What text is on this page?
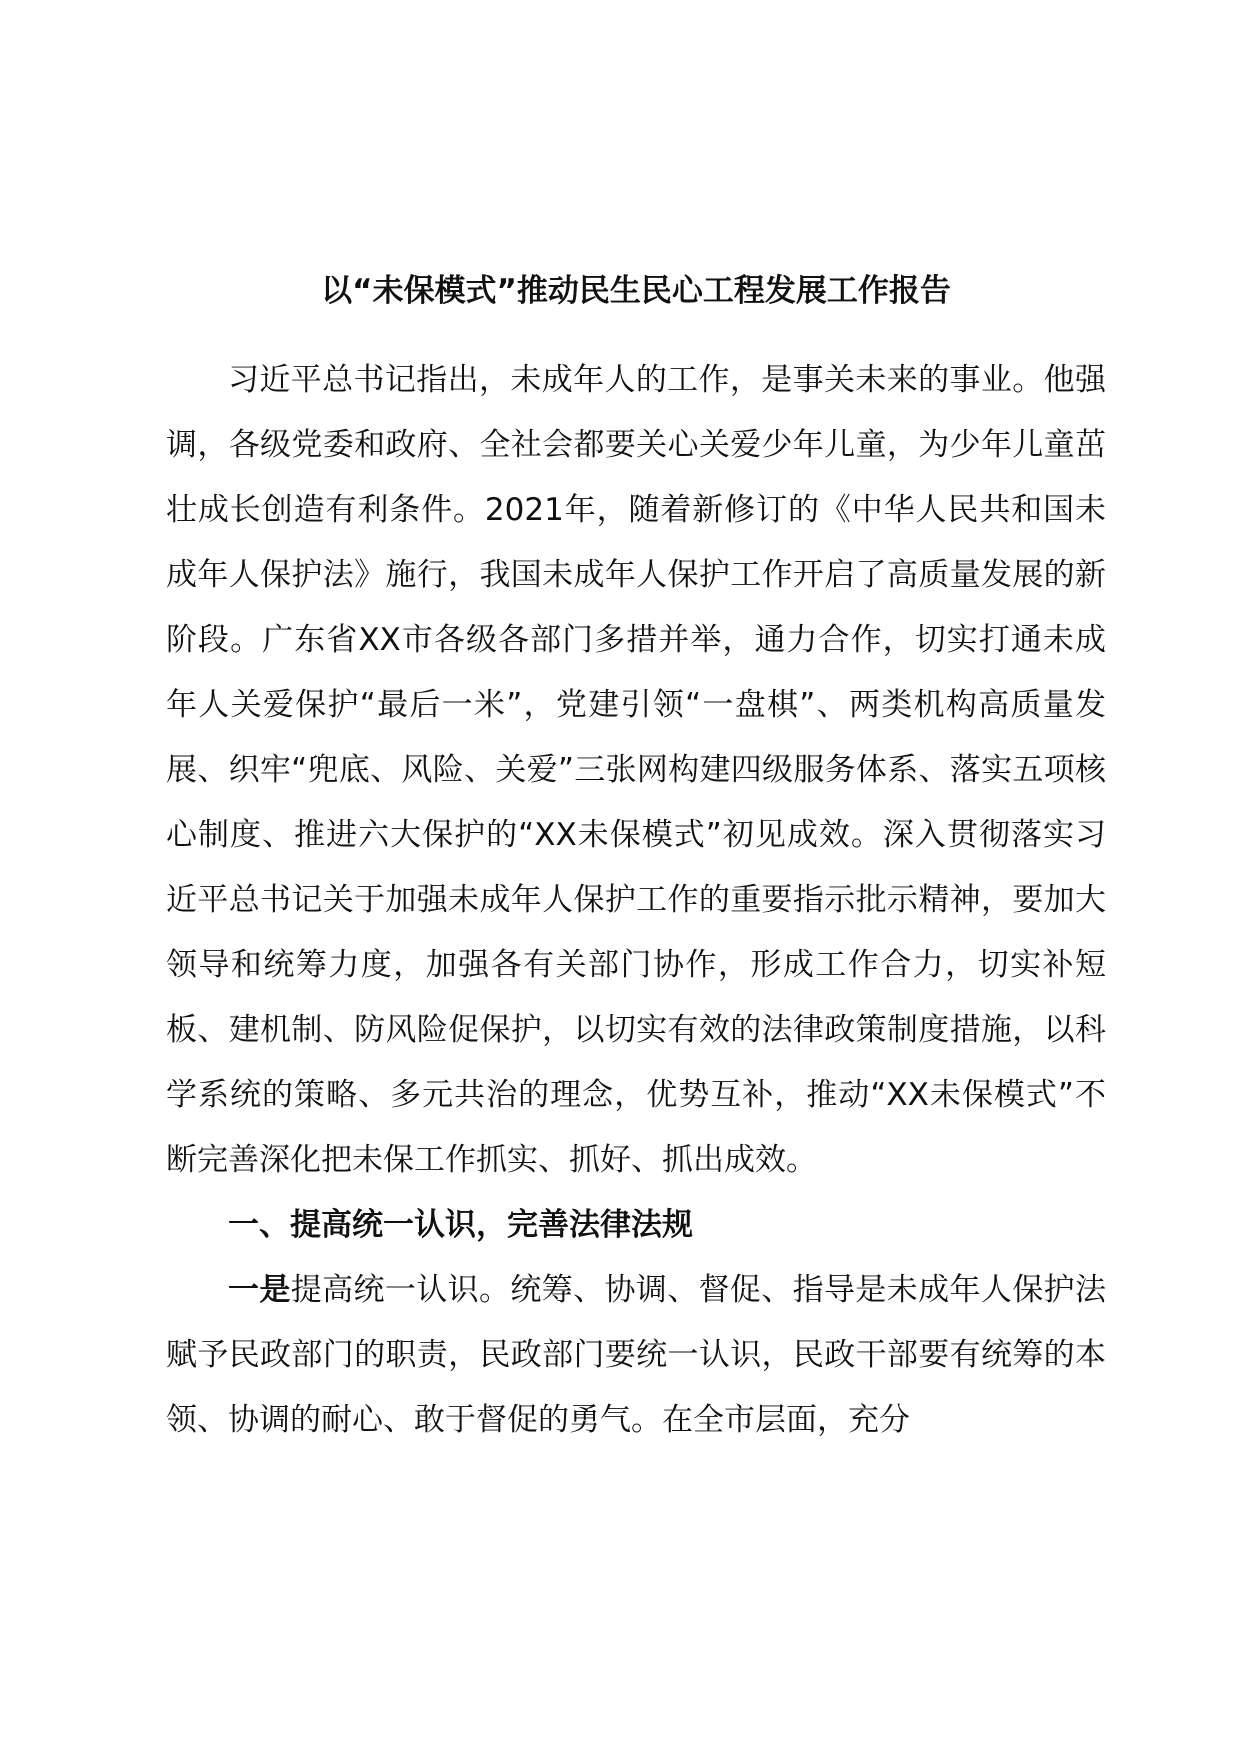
以“未保模式”推动民生民心工程发展工作报告

习近平总书记指出，未成年人的工作，是事关未来的事业。他强调，各级党委和政府、全社会都要关心关爱少年儿童，为少年儿童茁壮成长创造有利条件。2021年，随着新修订的《中华人民共和国未成年人保护法》施行，我国未成年人保护工作开启了高质量发展的新阶段。广东省XX市各级各部门多措并举，通力合作，切实打通未成年人关爱保护“最后一米”，党建引领“一盘棋”、两类机构高质量发展、织牢“兜底、风险、关爱”三张网构建四级服务体系、落实五项核心制度、推进六大保护的“XX未保模式”初见成效。深入贯彻落实习近平总书记关于加强未成年人保护工作的重要指示批示精神，要加大领导和统筹力度，加强各有关部门协作，形成工作合力，切实补短板、建机制、防风险促保护，以切实有效的法律政策制度措施，以科学系统的策略、多元共治的理念，优势互补，推动“XX未保模式”不断完善深化把未保工作抓实、抓好、抓出成效。

一、提高统一认识，完善法律法规

一是提高统一认识。统筹、协调、督促、指导是未成年人保护法赋予民政部门的职责，民政部门要统一认识，民政干部要有统筹的本领、协调的耐心、敢于督促的勇气。在全市层面，充分
